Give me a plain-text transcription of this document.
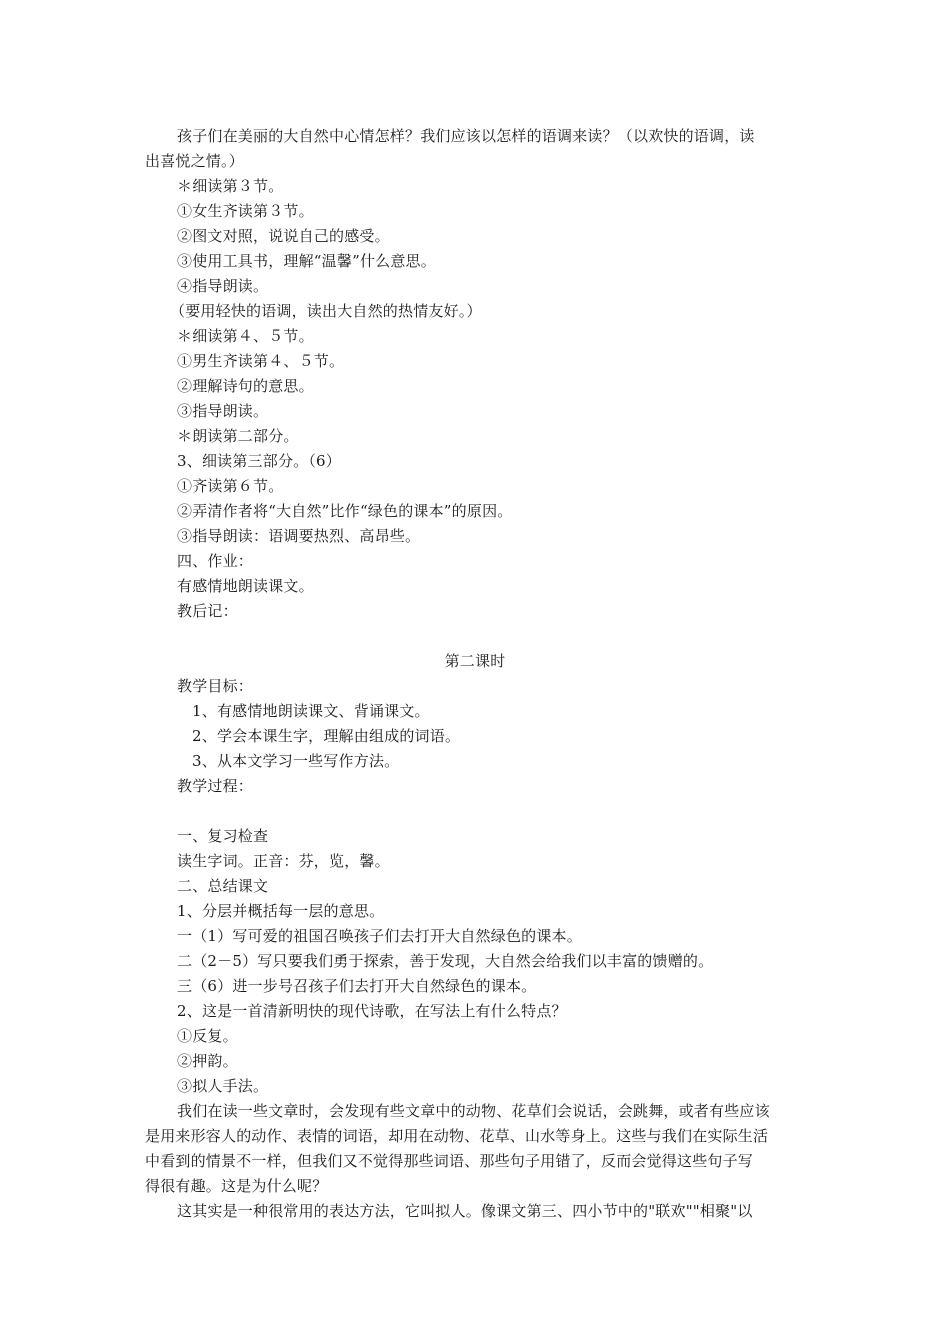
孩子们在美丽的大自然中心情怎样？我们应该以怎样的语调来读？（以欢快的语调，读
出喜悦之情。）
＊细读第３节。
①女生齐读第３节。
②图文对照，说说自己的感受。
③使用工具书，理解“温馨”什么意思。
④指导朗读。
（要用轻快的语调，读出大自然的热情友好。）
＊细读第４、５节。
①男生齐读第４、５节。
②理解诗句的意思。
③指导朗读。
＊朗读第二部分。
3、细读第三部分。（6）
①齐读第６节。
②弄清作者将“大自然”比作“绿色的课本”的原因。
③指导朗读：语调要热烈、高昂些。
四、作业：
有感情地朗读课文。
教后记：
第二课时
教学目标：
1、有感情地朗读课文、背诵课文。
2、学会本课生字，理解由组成的词语。
3、从本文学习一些写作方法。
教学过程：
一、复习检查
读生字词。正音：芬，览，馨。
二、总结课文
1、分层并概括每一层的意思。
一（1）写可爱的祖国召唤孩子们去打开大自然绿色的课本。
二（2－5）写只要我们勇于探索，善于发现，大自然会给我们以丰富的馈赠的。
三（6）进一步号召孩子们去打开大自然绿色的课本。
2、这是一首清新明快的现代诗歌，在写法上有什么特点？
①反复。
②押韵。
③拟人手法。
我们在读一些文章时，会发现有些文章中的动物、花草们会说话，会跳舞，或者有些应该
是用来形容人的动作、表情的词语，却用在动物、花草、山水等身上。这些与我们在实际生活
中看到的情景不一样，但我们又不觉得那些词语、那些句子用错了，反而会觉得这些句子写
得很有趣。这是为什么呢？
这其实是一种很常用的表达方法，它叫拟人。像课文第三、四小节中的"联欢""相聚"以
